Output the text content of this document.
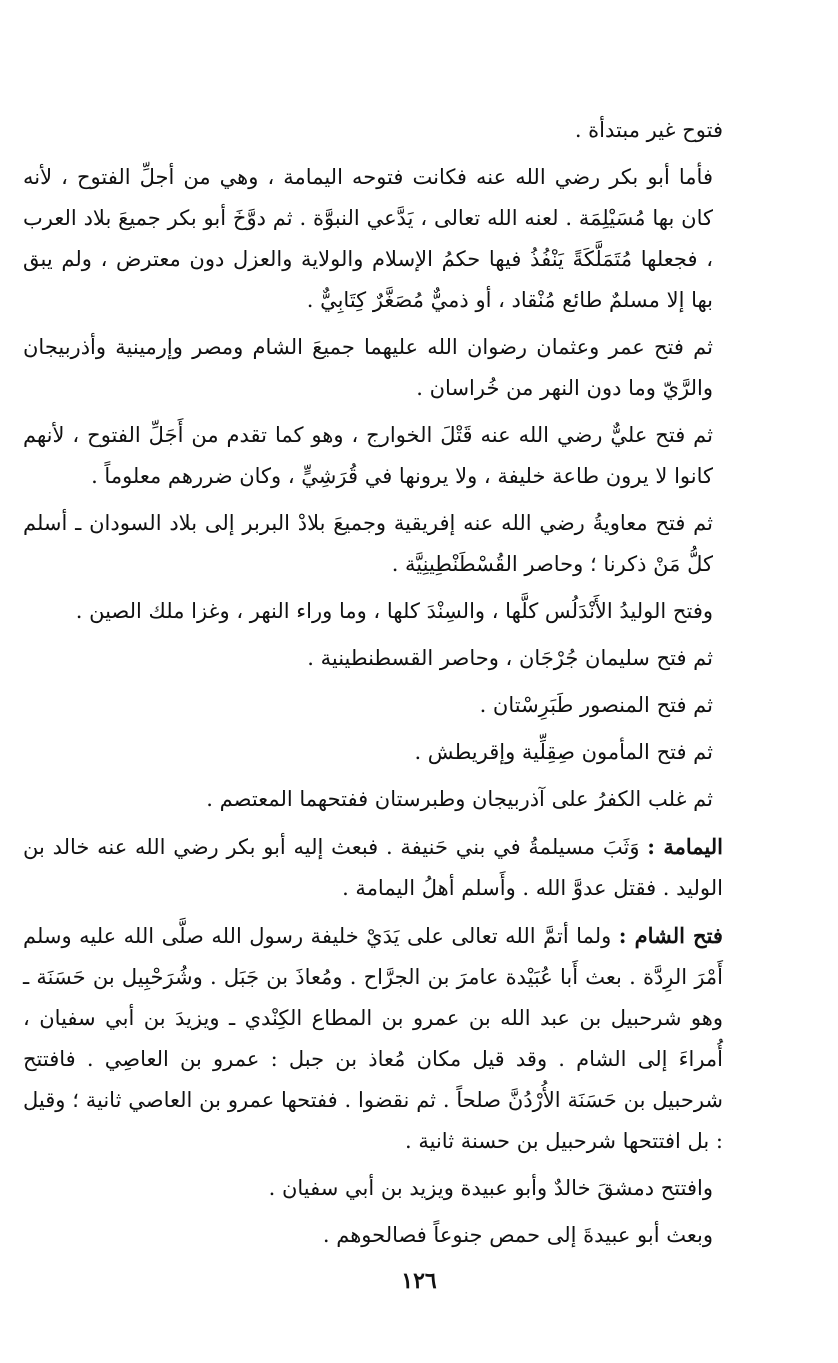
فتوح غير مبتدأة .

فأما أبو بكر رضي الله عنه فكانت فتوحه اليمامة ، وهي من أجلِّ الفتوح ، لأنه كان بها مُسَيْلِمَة . لعنه الله تعالى ، يَدَّعي النبوَّة . ثم دوَّخَ أبو بكر جميعَ بلاد العرب ، فجعلها مُتَمَلَّكَةً يَنْفُذُ فيها حكمُ الإسلام والولاية والعزل دون معترض ، ولم يبق بها إلا مسلمٌ طائع مُنْقاد ، أو ذميٌّ مُصَغَّرٌ كِتَابِيٌّ .

ثم فتح عمر وعثمان رضوان الله عليهما جميعَ الشام ومصر وإرمينية وأذربيجان والرَّيّ وما دون النهر من خُراسان .

ثم فتح عليٌّ رضي الله عنه قَتْلَ الخوارج ، وهو كما تقدم من أَجَلِّ الفتوح ، لأنهم كانوا لا يرون طاعة خليفة ، ولا يرونها في قُرَشِيٍّ ، وكان ضررهم معلوماً .

ثم فتح معاويةُ رضي الله عنه إفريقية وجميعَ بلادْ البربر إلى بلاد السودان ـ أسلم كلُّ مَنْ ذكرنا ؛ وحاصر القُسْطَنْطِينِيَّة .

وفتح الوليدُ الأَنْدَلُس كلَّها ، والسِنْدَ كلها ، وما وراء النهر ، وغزا ملك الصين .

ثم فتح سليمان جُرْجَان ، وحاصر القسطنطينية .

ثم فتح المنصور طَبَرِسْتان .

ثم فتح المأمون صِقِلِّية وإقريطش .

ثم غلب الكفرُ على آذربيجان وطبرستان ففتحهما المعتصم .

اليمامة : وَثَبَ مسيلمةُ في بني حَنيفة . فبعث إليه أبو بكر رضي الله عنه خالد بن الوليد . فقتل عدوَّ الله . وأَسلم أهلُ اليمامة .

فتح الشام : ولما أتمَّ الله تعالى على يَدَيْ خليفة رسول الله صلَّى الله عليه وسلم أَمْرَ الرِدَّة . بعث أَبا عُبَيْدة عامرَ بن الجرَّاح . ومُعاذَ بن جَبَل . وشُرَحْبِيل بن حَسَنَة ـ وهو شرحبيل بن عبد الله بن عمرو بن المطاع الكِنْدي ـ ويزيدَ بن أبي سفيان ، أُمراءَ إلى الشام . وقد قيل مكان مُعاذ بن جبل : عمرو بن العاصِي . فافتتح شرحبيل بن حَسَنَة الأُرْدُنَّ صلحاً . ثم نقضوا . ففتحها عمرو بن العاصي ثانية ؛ وقيل : بل افتتحها شرحبيل بن حسنة ثانية .

وافتتح دمشقَ خالدٌ وأبو عبيدة ويزيد بن أبي سفيان .

وبعث أبو عبيدةَ إلى حمص جنوعاً فصالحوهم .

١٢٦
